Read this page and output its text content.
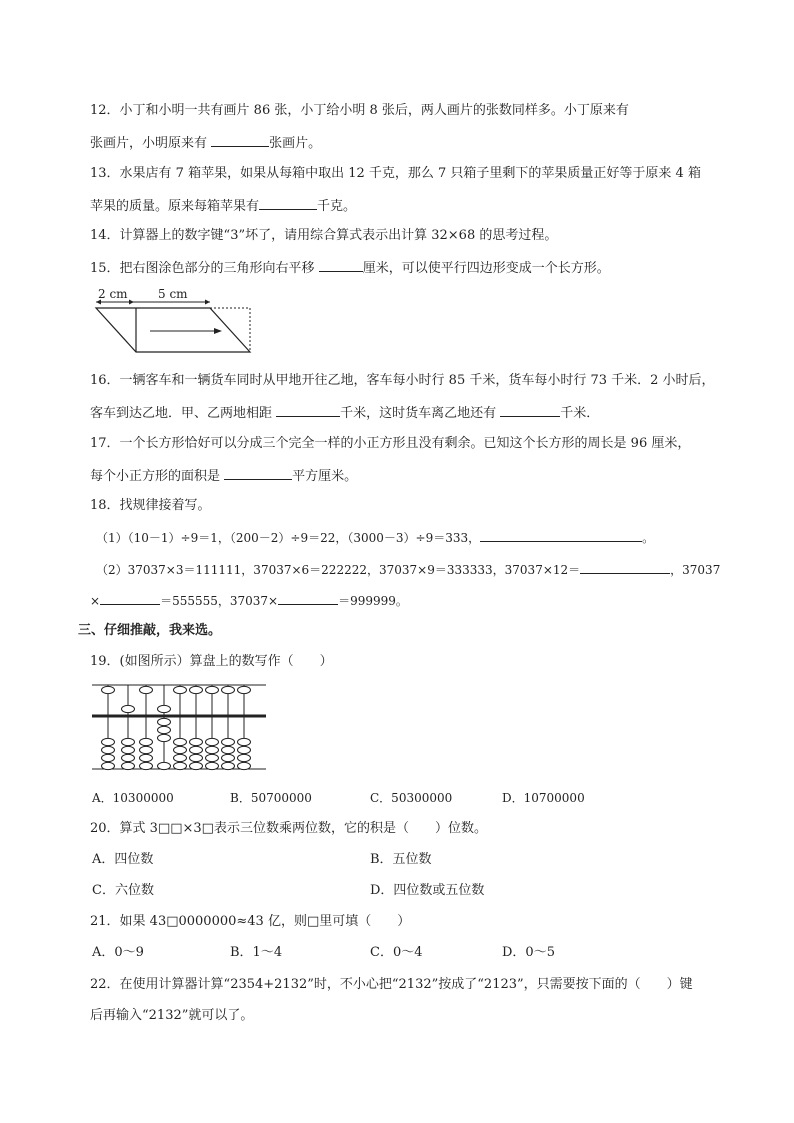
12．小丁和小明一共有画片 86 张，小丁给小明 8 张后，两人画片的张数同样多。小丁原来有
张画片，小明原来有	张画片。
13．水果店有 7 箱苹果，如果从每箱中取出 12 千克，那么 7 只箱子里剩下的苹果质量正好等于原来 4 箱
苹果的质量。原来每箱苹果有	千克。
14．计算器上的数字键“3”坏了，请用综合算式表示出计算 32×68 的思考过程。
15．把右图涂色部分的三角形向右平移	厘米，可以使平行四边形变成一个长方形。
2 cm	5 cm
16．一辆客车和一辆货车同时从甲地开往乙地，客车每小时行 85 千米，货车每小时行 73 千米．2 小时后，
客车到达乙地．甲、乙两地相距	千米，这时货车离乙地还有	千米．
17．一个长方形恰好可以分成三个完全一样的小正方形且没有剩余。已知这个长方形的周长是 96 厘米，
每个小正方形的面积是	平方厘米。
18．找规律接着写。
（1）（10－1）÷9＝1，（200－2）÷9＝22，（3000－3）÷9＝333，	。
（2）37037×3＝111111，37037×6＝222222，37037×9＝333333，37037×12＝	，37037
×	＝555555，37037×	＝999999。
三、仔细推敲，我来选。
19．(如图所示）算盘上的数写作（　　）
A．10300000	B．50700000	C．50300000	D．10700000
20．算式 3□□×3□表示三位数乘两位数，它的积是（　　）位数。
A．四位数	B．五位数
C．六位数	D．四位数或五位数
21．如果 43□0000000≈43 亿，则□里可填（　　）
A．0～9	B．1～4	C．0～4	D．0～5
22．在使用计算器计算“2354+2132”时，不小心把“2132”按成了“2123”，只需要按下面的（　　）键
后再输入“2132”就可以了。
